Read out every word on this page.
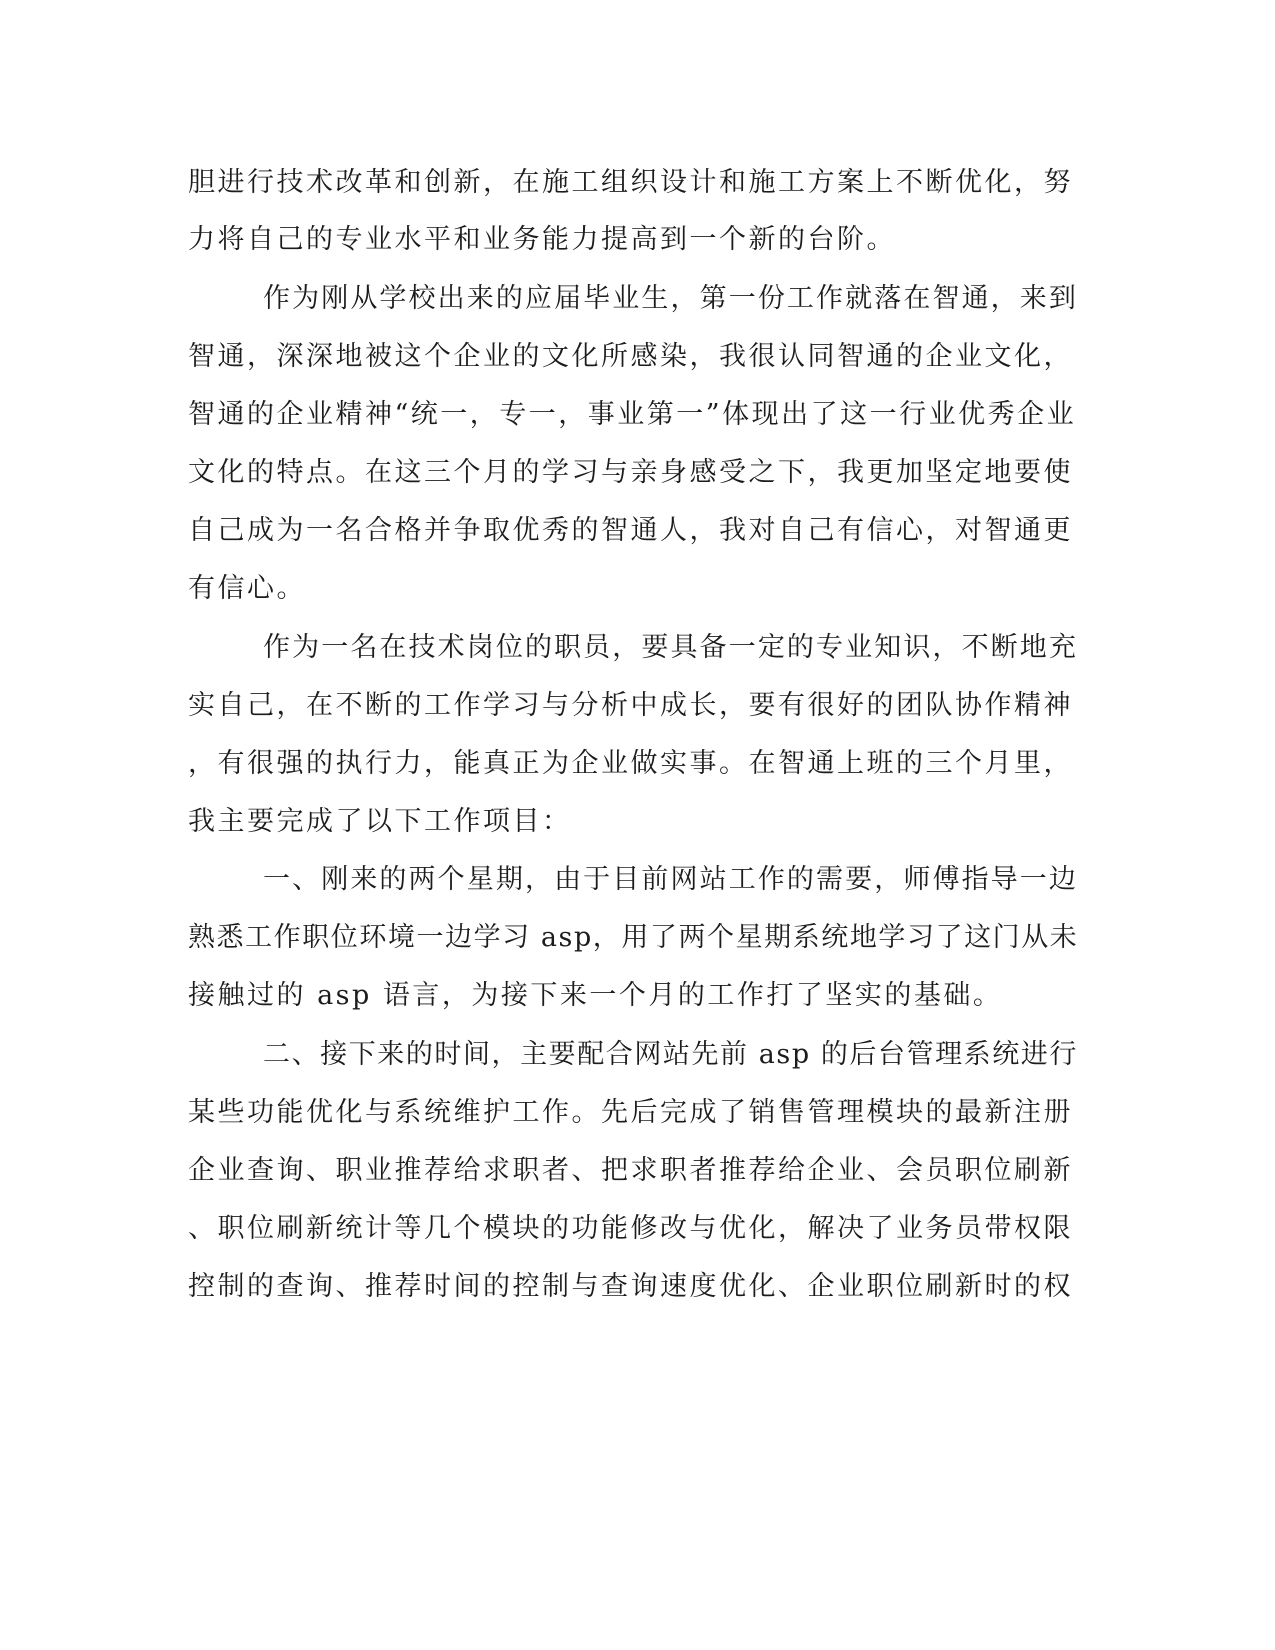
胆进行技术改革和创新，在施工组织设计和施工方案上不断优化，努
力将自己的专业水平和业务能力提高到一个新的台阶。
作为刚从学校出来的应届毕业生，第一份工作就落在智通，来到
智通，深深地被这个企业的文化所感染，我很认同智通的企业文化，
智通的企业精神“统一，专一，事业第一”体现出了这一行业优秀企业
文化的特点。在这三个月的学习与亲身感受之下，我更加坚定地要使
自己成为一名合格并争取优秀的智通人，我对自己有信心，对智通更
有信心。
作为一名在技术岗位的职员，要具备一定的专业知识，不断地充
实自己，在不断的工作学习与分析中成长，要有很好的团队协作精神
，有很强的执行力，能真正为企业做实事。在智通上班的三个月里，
我主要完成了以下工作项目：
一、刚来的两个星期，由于目前网站工作的需要，师傅指导一边
熟悉工作职位环境一边学习 asp，用了两个星期系统地学习了这门从未
接触过的 asp 语言，为接下来一个月的工作打了坚实的基础。
二、接下来的时间，主要配合网站先前 asp 的后台管理系统进行
某些功能优化与系统维护工作。先后完成了销售管理模块的最新注册
企业查询、职业推荐给求职者、把求职者推荐给企业、会员职位刷新
、职位刷新统计等几个模块的功能修改与优化，解决了业务员带权限
控制的查询、推荐时间的控制与查询速度优化、企业职位刷新时的权
